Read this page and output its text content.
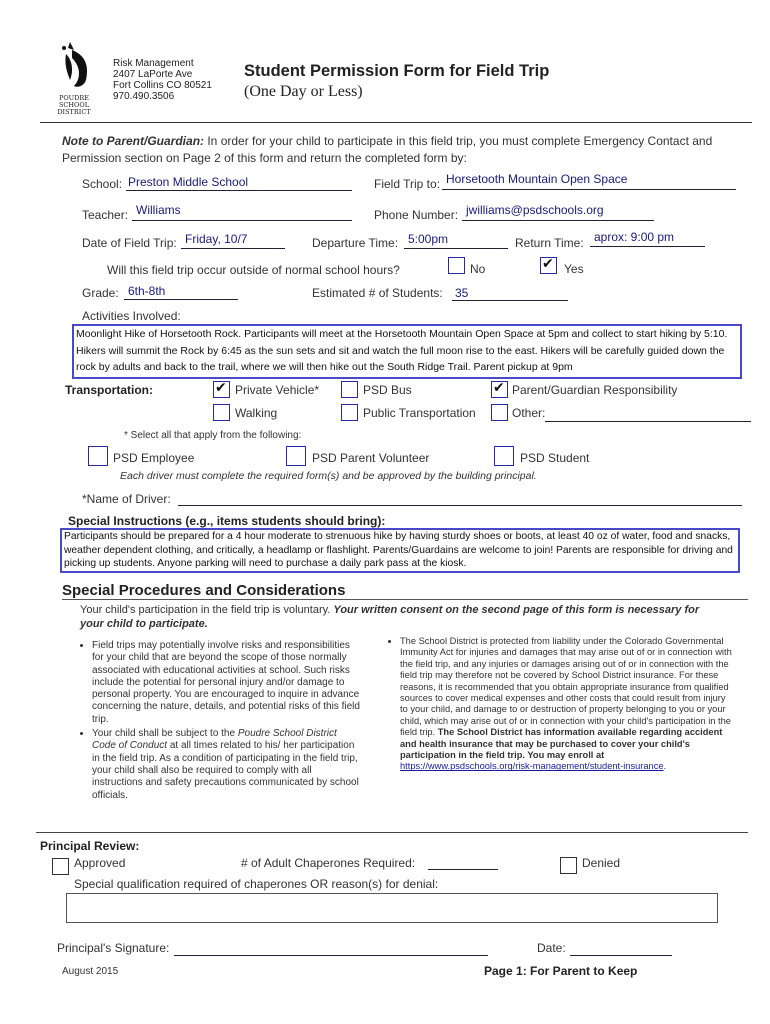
POUDRE
SCHOOL
DISTRICT
Risk Management
2407 LaPorte Ave
Fort Collins CO 80521
970.490.3506
Student Permission Form for Field Trip
(One Day or Less)
Note to Parent/Guardian: In order for your child to participate in this field trip, you must complete Emergency Contact and Permission section on Page 2 of this form and return the completed form by:
School: Preston Middle School	Field Trip to: Horsetooth Mountain Open Space
Teacher: Williams	Phone Number: jwilliams@psdschools.org
Date of Field Trip: Friday, 10/7	Departure Time: 5:00pm	Return Time: aprox: 9:00 pm
Will this field trip occur outside of normal school hours?	No	✔ Yes
Grade: 6th-8th	Estimated # of Students: 35
Activities Involved:
Moonlight Hike of Horsetooth Rock. Participants will meet at the Horsetooth Mountain Open Space at 5pm and collect to start hiking by 5:10. Hikers will summit the Rock by 6:45 as the sun sets and sit and watch the full moon rise to the east. Hikers will be carefully guided down the rock by adults and back to the trail, where we will then hike out the South Ridge Trail. Parent pickup at 9pm
Transportation:	✔ Private Vehicle*	PSD Bus	✔ Parent/Guardian Responsibility
Walking	Public Transportation	Other:
* Select all that apply from the following:
PSD Employee	PSD Parent Volunteer	PSD Student
Each driver must complete the required form(s) and be approved by the building principal.
*Name of Driver:
Special Instructions (e.g., items students should bring):
Participants should be prepared for a 4 hour moderate to strenuous hike by having sturdy shoes or boots, at least 40 oz of water, food and snacks, weather dependent clothing, and critically, a headlamp or flashlight. Parents/Guardains are welcome to join! Parents are responsible for driving and picking up students. Anyone parking will need to purchase a daily park pass at the kiosk.
Special Procedures and Considerations
Your child's participation in the field trip is voluntary. Your written consent on the second page of this form is necessary for your child to participate.
• Field trips may potentially involve risks and responsibilities for your child that are beyond the scope of those normally associated with educational activities at school. Such risks include the potential for personal injury and/or damage to personal property. You are encouraged to inquire in advance concerning the nature, details, and potential risks of this field trip.
• Your child shall be subject to the Poudre School District Code of Conduct at all times related to his/ her participation in the field trip. As a condition of participating in the field trip, your child shall also be required to comply with all instructions and safety precautions communicated by school officials.
• The School District is protected from liability under the Colorado Governmental Immunity Act for injuries and damages that may arise out of or in connection with the field trip, and any injuries or damages arising out of or in connection with the field trip may therefore not be covered by School District insurance. For these reasons, it is recommended that you obtain appropriate insurance from qualified sources to cover medical expenses and other costs that could result from injury to your child, and damage to or destruction of property belonging to you or your child, which may arise out of or in connection with your child's participation in the field trip. The School District has information available regarding accident and health insurance that may be purchased to cover your child's participation in the field trip. You may enroll at https://www.psdschools.org/risk-management/student-insurance.
Principal Review:
Approved	# of Adult Chaperones Required:	Denied
Special qualification required of chaperones OR reason(s) for denial:
Principal's Signature:	Date:
August 2015	Page 1: For Parent to Keep
